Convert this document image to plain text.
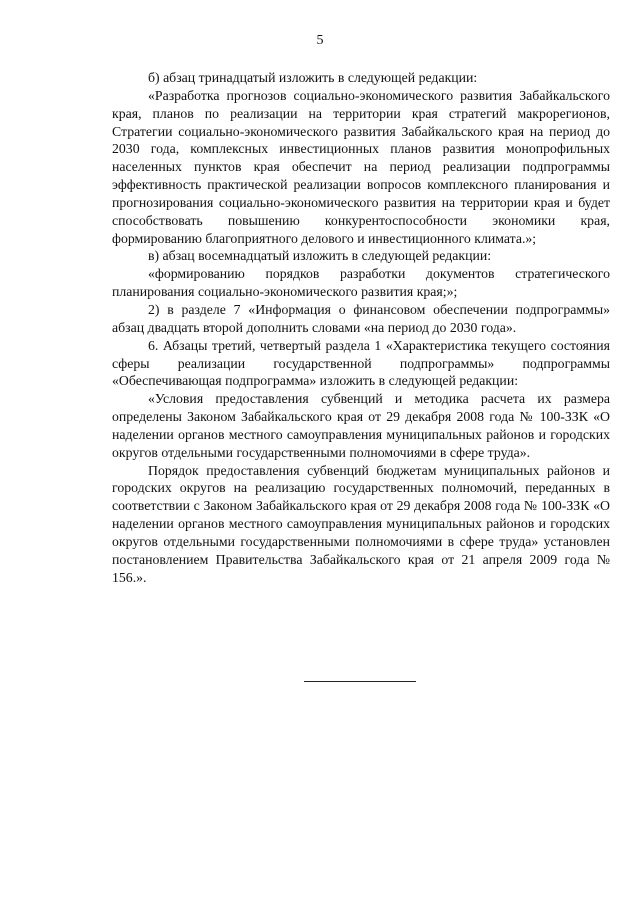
5

б) абзац тринадцатый изложить в следующей редакции:

«Разработка прогнозов социально-экономического развития Забайкальского края, планов по реализации на территории края стратегий макрорегионов, Стратегии социально-экономического развития Забайкальского края на период до 2030 года, комплексных инвестиционных планов развития монопрофильных населенных пунктов края обеспечит на период реализации подпрограммы эффективность практической реализации вопросов комплексного планирования и прогнозирования социально-экономического развития на территории края и будет способствовать повышению конкурентоспособности экономики края, формированию благоприятного делового и инвестиционного климата.»;

в) абзац восемнадцатый изложить в следующей редакции:

«формированию порядков разработки документов стратегического планирования социально-экономического развития края;»;

2) в разделе 7 «Информация о финансовом обеспечении подпрограммы» абзац двадцать второй дополнить словами «на период до 2030 года».

6. Абзацы третий, четвертый раздела 1 «Характеристика текущего состояния сферы реализации государственной подпрограммы» подпрограммы «Обеспечивающая подпрограмма» изложить в следующей редакции:

«Условия предоставления субвенций и методика расчета их размера определены Законом Забайкальского края от 29 декабря 2008 года № 100-ЗЗК «О наделении органов местного самоуправления муниципальных районов и городских округов отдельными государственными полномочиями в сфере труда».

Порядок предоставления субвенций бюджетам муниципальных районов и городских округов на реализацию государственных полномочий, переданных в соответствии с Законом Забайкальского края от 29 декабря 2008 года № 100-ЗЗК «О наделении органов местного самоуправления муниципальных районов и городских округов отдельными государственными полномочиями в сфере труда» установлен постановлением Правительства Забайкальского края от 21 апреля 2009 года № 156.».
